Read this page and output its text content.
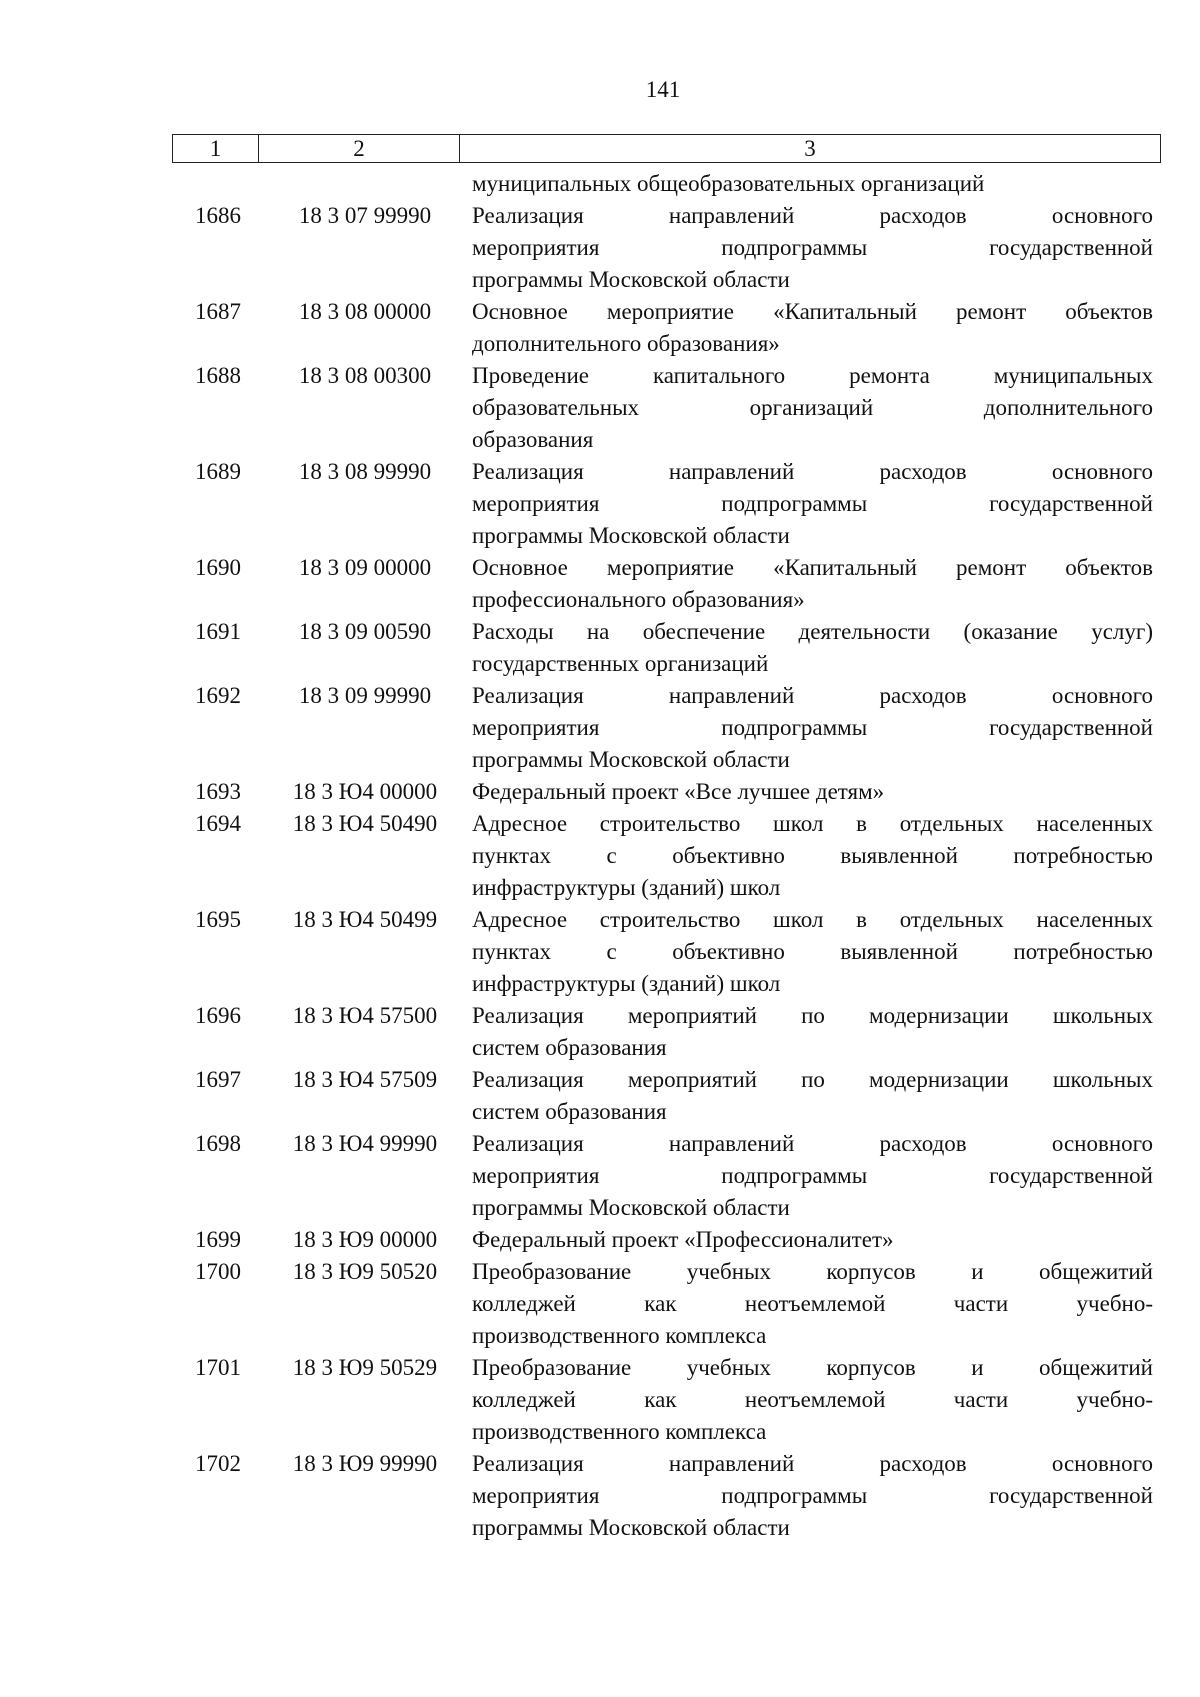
141
1	2	3
муниципальных общеобразовательных организаций
1686	18 3 07 99990	Реализация направлений расходов основного
мероприятия подпрограммы государственной
программы Московской области
1687	18 3 08 00000	Основное мероприятие «Капитальный ремонт объектов
дополнительного образования»
1688	18 3 08 00300	Проведение капитального ремонта муниципальных
образовательных организаций дополнительного
образования
1689	18 3 08 99990	Реализация направлений расходов основного
мероприятия подпрограммы государственной
программы Московской области
1690	18 3 09 00000	Основное мероприятие «Капитальный ремонт объектов
профессионального образования»
1691	18 3 09 00590	Расходы на обеспечение деятельности (оказание услуг)
государственных организаций
1692	18 3 09 99990	Реализация направлений расходов основного
мероприятия подпрограммы государственной
программы Московской области
1693	18 3 Ю4 00000	Федеральный проект «Все лучшее детям»
1694	18 3 Ю4 50490	Адресное строительство школ в отдельных населенных
пунктах с объективно выявленной потребностью
инфраструктуры (зданий) школ
1695	18 3 Ю4 50499	Адресное строительство школ в отдельных населенных
пунктах с объективно выявленной потребностью
инфраструктуры (зданий) школ
1696	18 3 Ю4 57500	Реализация мероприятий по модернизации школьных
систем образования
1697	18 3 Ю4 57509	Реализация мероприятий по модернизации школьных
систем образования
1698	18 3 Ю4 99990	Реализация направлений расходов основного
мероприятия подпрограммы государственной
программы Московской области
1699	18 3 Ю9 00000	Федеральный проект «Профессионалитет»
1700	18 3 Ю9 50520	Преобразование учебных корпусов и общежитий
колледжей как неотъемлемой части учебно-
производственного комплекса
1701	18 3 Ю9 50529	Преобразование учебных корпусов и общежитий
колледжей как неотъемлемой части учебно-
производственного комплекса
1702	18 3 Ю9 99990	Реализация направлений расходов основного
мероприятия подпрограммы государственной
программы Московской области
